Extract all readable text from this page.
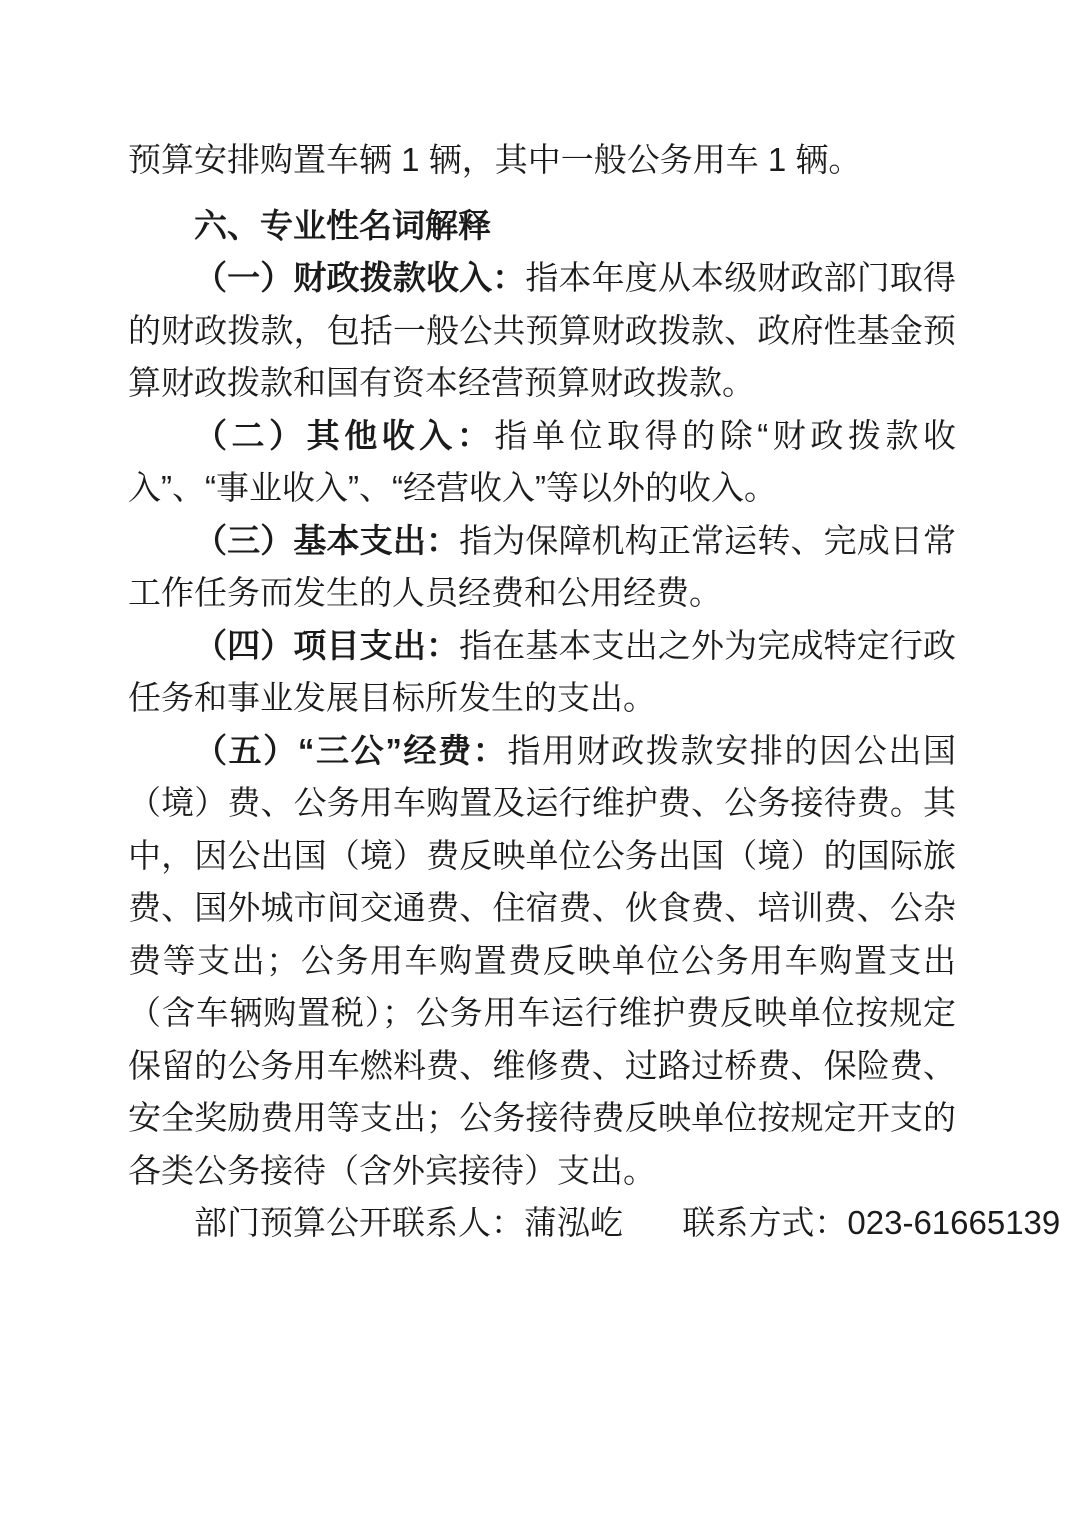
预算安排购置车辆 1 辆，其中一般公务用车 1 辆。

六、专业性名词解释

（一）财政拨款收入：指本年度从本级财政部门取得的财政拨款，包括一般公共预算财政拨款、政府性基金预算财政拨款和国有资本经营预算财政拨款。

（二）其他收入：指单位取得的除“财政拨款收入”、“事业收入”、“经营收入”等以外的收入。

（三）基本支出：指为保障机构正常运转、完成日常工作任务而发生的人员经费和公用经费。

（四）项目支出：指在基本支出之外为完成特定行政任务和事业发展目标所发生的支出。

（五）“三公”经费：指用财政拨款安排的因公出国（境）费、公务用车购置及运行维护费、公务接待费。其中，因公出国（境）费反映单位公务出国（境）的国际旅费、国外城市间交通费、住宿费、伙食费、培训费、公杂费等支出；公务用车购置费反映单位公务用车购置支出（含车辆购置税）；公务用车运行维护费反映单位按规定保留的公务用车燃料费、维修费、过路过桥费、保险费、安全奖励费用等支出；公务接待费反映单位按规定开支的各类公务接待（含外宾接待）支出。

部门预算公开联系人：蒲泓屹 联系方式：023-61665139
